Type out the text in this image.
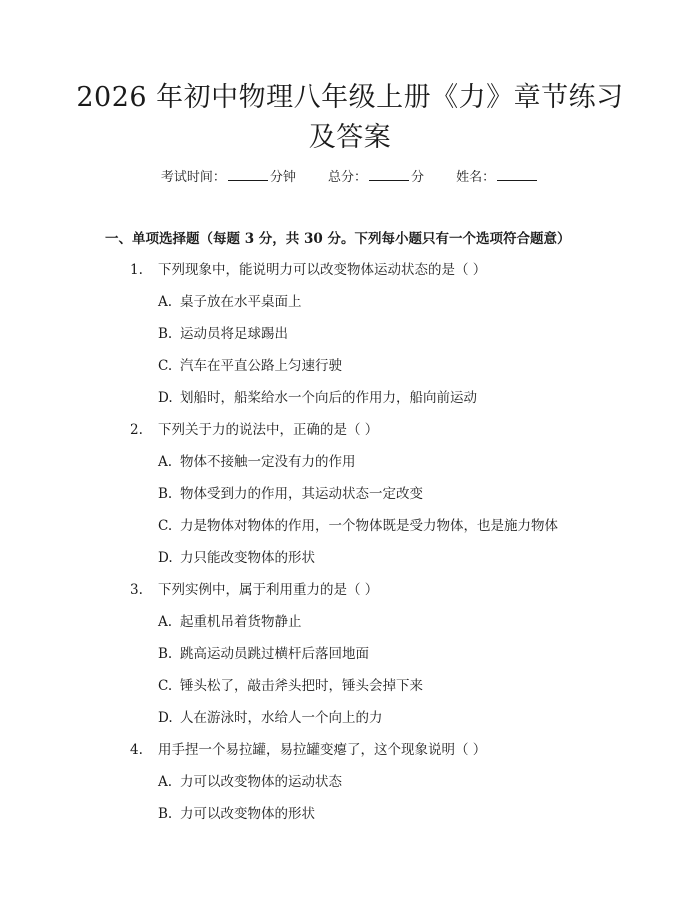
2026 年初中物理八年级上册《力》章节练习
及答案
考试时间：	分钟 总分：	分 姓名：
一、单项选择题（每题 3 分，共 30 分。下列每小题只有一个选项符合题意）
1. 下列现象中，能说明力可以改变物体运动状态的是（ ）
A. 桌子放在水平桌面上
B. 运动员将足球踢出
C. 汽车在平直公路上匀速行驶
D. 划船时，船桨给水一个向后的作用力，船向前运动
2. 下列关于力的说法中，正确的是（ ）
A. 物体不接触一定没有力的作用
B. 物体受到力的作用，其运动状态一定改变
C. 力是物体对物体的作用，一个物体既是受力物体，也是施力物体
D. 力只能改变物体的形状
3. 下列实例中，属于利用重力的是（ ）
A. 起重机吊着货物静止
B. 跳高运动员跳过横杆后落回地面
C. 锤头松了，敲击斧头把时，锤头会掉下来
D. 人在游泳时，水给人一个向上的力
4. 用手捏一个易拉罐，易拉罐变瘪了，这个现象说明（ ）
A. 力可以改变物体的运动状态
B. 力可以改变物体的形状
